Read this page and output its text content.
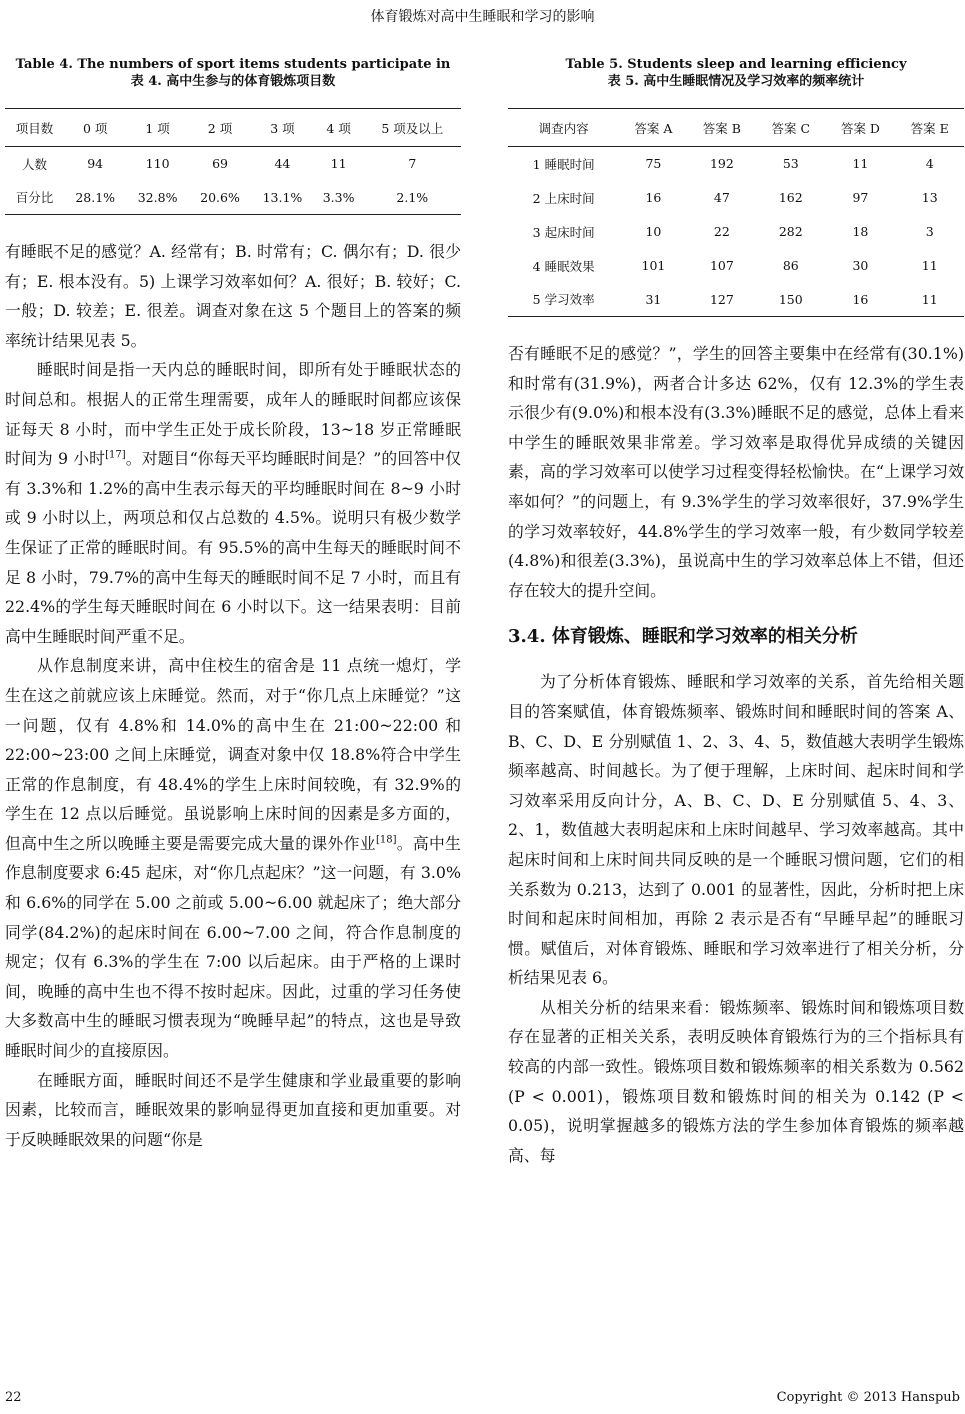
体育锻炼对高中生睡眠和学习的影响
Table 4. The numbers of sport items students participate in
表 4. 高中生参与的体育锻炼项目数
项目数	0 项	1 项	2 项	3 项	4 项	5 项及以上
人数	94	110	69	44	11	7
百分比	28.1%	32.8%	20.6%	13.1%	3.3%	2.1%

有睡眠不足的感觉？A. 经常有；B. 时常有；C. 偶尔有；D. 很少有；E. 根本没有。5) 上课学习效率如何？A. 很好；B. 较好；C. 一般；D. 较差；E. 很差。调查对象在这 5 个题目上的答案的频率统计结果见表 5。

睡眠时间是指一天内总的睡眠时间，即所有处于睡眠状态的时间总和。根据人的正常生理需要，成年人的睡眠时间都应该保证每天 8 小时，而中学生正处于成长阶段，13~18 岁正常睡眠时间为 9 小时[17]。对题目“你每天平均睡眠时间是？”的回答中仅有 3.3%和 1.2%的高中生表示每天的平均睡眠时间在 8~9 小时或 9 小时以上，两项总和仅占总数的 4.5%。说明只有极少数学生保证了正常的睡眠时间。有 95.5%的高中生每天的睡眠时间不足 8 小时，79.7%的高中生每天的睡眠时间不足 7 小时，而且有 22.4%的学生每天睡眠时间在 6 小时以下。这一结果表明：目前高中生睡眠时间严重不足。

从作息制度来讲，高中住校生的宿舍是 11 点统一熄灯，学生在这之前就应该上床睡觉。然而，对于“你几点上床睡觉？”这一问题，仅有 4.8%和 14.0%的高中生在 21:00~22:00 和 22:00~23:00 之间上床睡觉，调查对象中仅 18.8%符合中学生正常的作息制度，有 48.4%的学生上床时间较晚，有 32.9%的学生在 12 点以后睡觉。虽说影响上床时间的因素是多方面的，但高中生之所以晚睡主要是需要完成大量的课外作业[18]。高中生作息制度要求 6:45 起床，对“你几点起床？”这一问题，有 3.0%和 6.6%的同学在 5.00 之前或 5.00~6.00 就起床了；绝大部分同学(84.2%)的起床时间在 6.00~7.00 之间，符合作息制度的规定；仅有 6.3%的学生在 7:00 以后起床。由于严格的上课时间，晚睡的高中生也不得不按时起床。因此，过重的学习任务使大多数高中生的睡眠习惯表现为“晚睡早起”的特点，这也是导致睡眠时间少的直接原因。

在睡眠方面，睡眠时间还不是学生健康和学业最重要的影响因素，比较而言，睡眠效果的影响显得更加直接和更加重要。对于反映睡眠效果的问题“你是

Table 5. Students sleep and learning efficiency
表 5. 高中生睡眠情况及学习效率的频率统计
调查内容	答案 A	答案 B	答案 C	答案 D	答案 E
1 睡眠时间	75	192	53	11	4
2 上床时间	16	47	162	97	13
3 起床时间	10	22	282	18	3
4 睡眠效果	101	107	86	30	11
5 学习效率	31	127	150	16	11

否有睡眠不足的感觉？”，学生的回答主要集中在经常有(30.1%)和时常有(31.9%)，两者合计多达 62%，仅有 12.3%的学生表示很少有(9.0%)和根本没有(3.3%)睡眠不足的感觉，总体上看来中学生的睡眠效果非常差。学习效率是取得优异成绩的关键因素，高的学习效率可以使学习过程变得轻松愉快。在“上课学习效率如何？”的问题上，有 9.3%学生的学习效率很好，37.9%学生的学习效率较好，44.8%学生的学习效率一般，有少数同学较差(4.8%)和很差(3.3%)，虽说高中生的学习效率总体上不错，但还存在较大的提升空间。

3.4. 体育锻炼、睡眠和学习效率的相关分析

为了分析体育锻炼、睡眠和学习效率的关系，首先给相关题目的答案赋值，体育锻炼频率、锻炼时间和睡眠时间的答案 A、B、C、D、E 分别赋值 1、2、3、4、5，数值越大表明学生锻炼频率越高、时间越长。为了便于理解，上床时间、起床时间和学习效率采用反向计分，A、B、C、D、E 分别赋值 5、4、3、2、1，数值越大表明起床和上床时间越早、学习效率越高。其中起床时间和上床时间共同反映的是一个睡眠习惯问题，它们的相关系数为 0.213，达到了 0.001 的显著性，因此，分析时把上床时间和起床时间相加，再除 2 表示是否有“早睡早起”的睡眠习惯。赋值后，对体育锻炼、睡眠和学习效率进行了相关分析，分析结果见表 6。

从相关分析的结果来看：锻炼频率、锻炼时间和锻炼项目数存在显著的正相关关系，表明反映体育锻炼行为的三个指标具有较高的内部一致性。锻炼项目数和锻炼频率的相关系数为 0.562 (P < 0.001)，锻炼项目数和锻炼时间的相关为 0.142 (P < 0.05)，说明掌握越多的锻炼方法的学生参加体育锻炼的频率越高、每

22	Copyright © 2013 Hanspub
